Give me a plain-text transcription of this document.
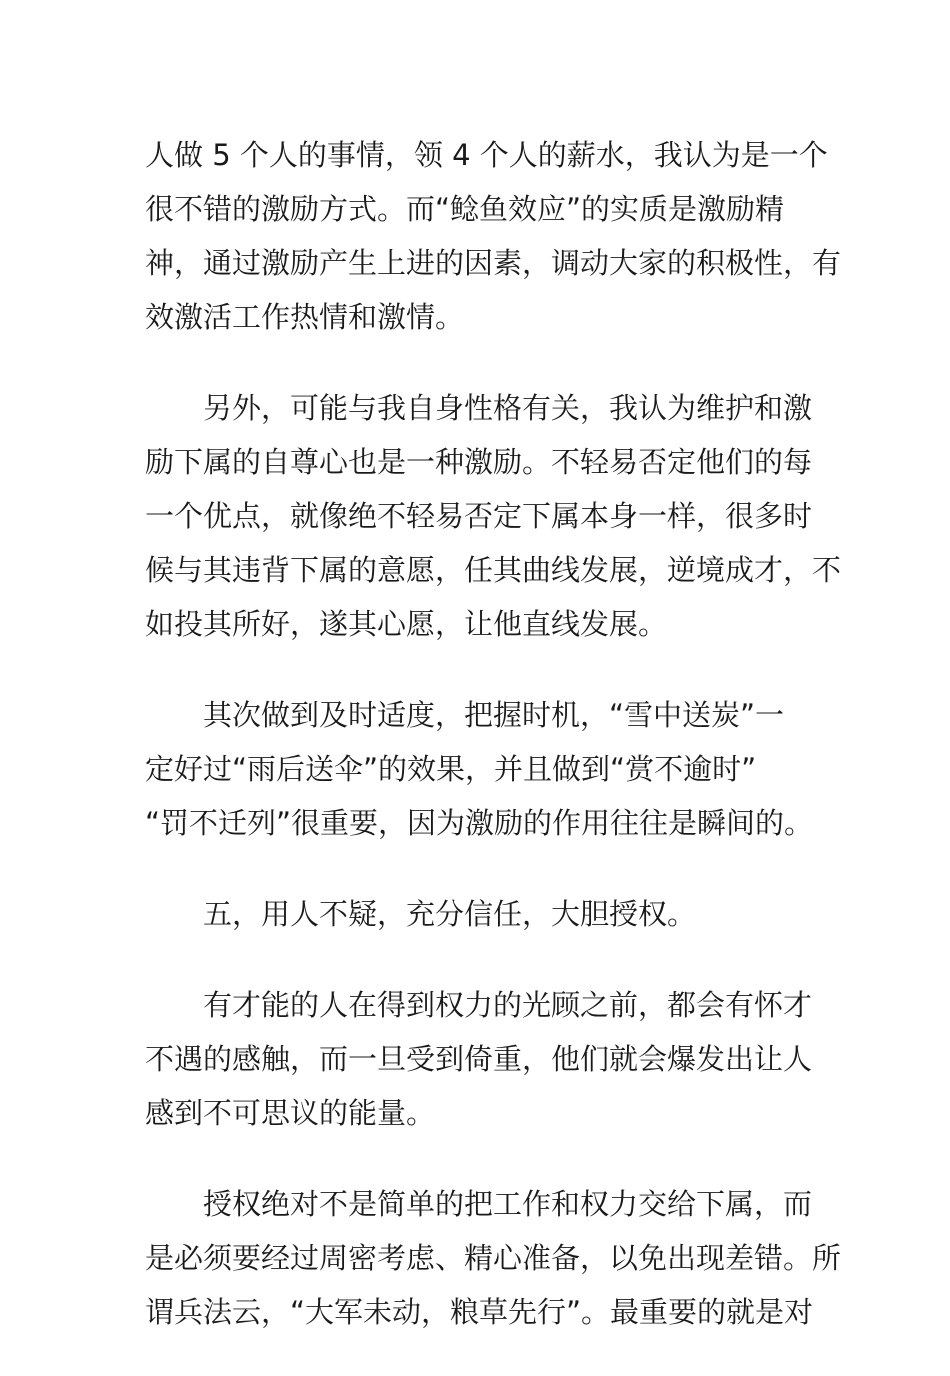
人做 5 个人的事情，领 4 个人的薪水，我认为是一个
很不错的激励方式。而“鲶鱼效应”的实质是激励精
神，通过激励产生上进的因素，调动大家的积极性，有
效激活工作热情和激情。
另外，可能与我自身性格有关，我认为维护和激
励下属的自尊心也是一种激励。不轻易否定他们的每
一个优点，就像绝不轻易否定下属本身一样，很多时
候与其违背下属的意愿，任其曲线发展，逆境成才，不
如投其所好，遂其心愿，让他直线发展。
其次做到及时适度，把握时机，“雪中送炭”一
定好过“雨后送伞”的效果，并且做到“赏不逾时”
“罚不迁列”很重要，因为激励的作用往往是瞬间的。
五，用人不疑，充分信任，大胆授权。
有才能的人在得到权力的光顾之前，都会有怀才
不遇的感触，而一旦受到倚重，他们就会爆发出让人
感到不可思议的能量。
授权绝对不是简单的把工作和权力交给下属，而
是必须要经过周密考虑、精心准备，以免出现差错。所
谓兵法云，“大军未动，粮草先行”。最重要的就是对
